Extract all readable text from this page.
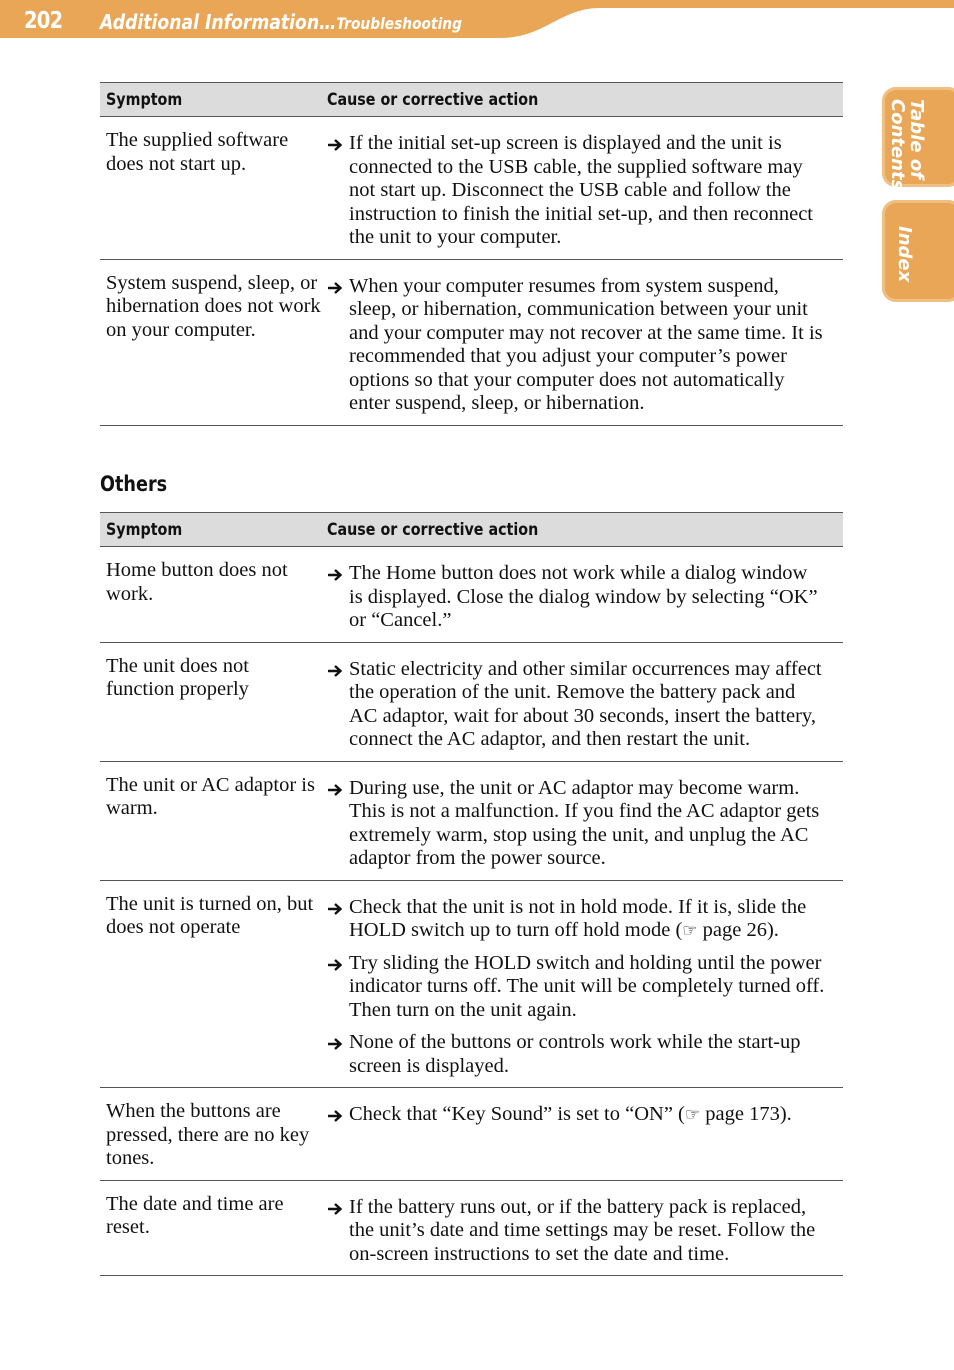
202 Additional Information…Troubleshooting
Table of
Contents
Index
Symptom	Cause or corrective action
The supplied software does not start up.	If the initial set-up screen is displayed and the unit is connected to the USB cable, the supplied software may not start up. Disconnect the USB cable and follow the instruction to finish the initial set-up, and then reconnect the unit to your computer.

System suspend, sleep, or hibernation does not work on your computer.	When your computer resumes from system suspend, sleep, or hibernation, communication between your unit and your computer may not recover at the same time. It is recommended that you adjust your computer’s power options so that your computer does not automatically enter suspend, sleep, or hibernation.
Others
Symptom	Cause or corrective action
Home button does not work.	The Home button does not work while a dialog window is displayed. Close the dialog window by selecting “OK” or “Cancel.”

The unit does not function properly	Static electricity and other similar occurrences may affect the operation of the unit. Remove the battery pack and AC adaptor, wait for about 30 seconds, insert the battery, connect the AC adaptor, and then restart the unit.

The unit or AC adaptor is warm.	During use, the unit or AC adaptor may become warm. This is not a malfunction. If you find the AC adaptor gets extremely warm, stop using the unit, and unplug the AC adaptor from the power source.

The unit is turned on, but does not operate	Check that the unit is not in hold mode. If it is, slide the HOLD switch up to turn off hold mode (☞ page 26).
Try sliding the HOLD switch and holding until the power indicator turns off. The unit will be completely turned off. Then turn on the unit again.
None of the buttons or controls work while the start-up screen is displayed.

When the buttons are pressed, there are no key tones.	Check that “Key Sound” is set to “ON” (☞ page 173).

The date and time are reset.	If the battery runs out, or if the battery pack is replaced, the unit’s date and time settings may be reset. Follow the on-screen instructions to set the date and time.
